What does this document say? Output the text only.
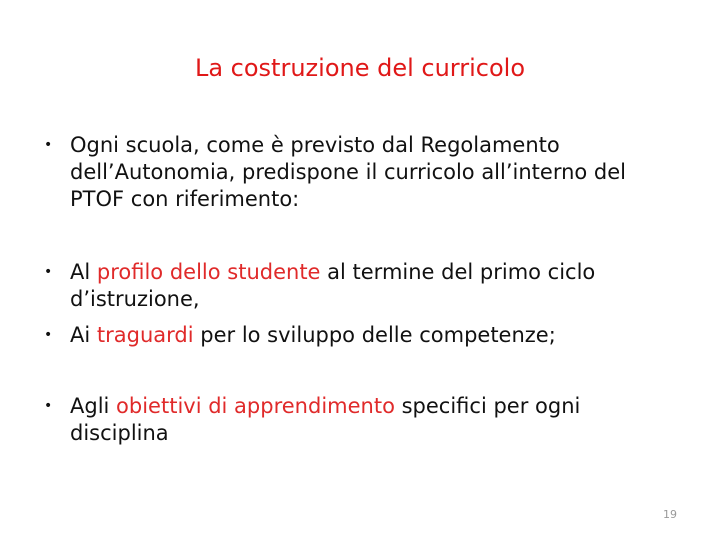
La costruzione del curricolo
• Ogni scuola, come è previsto dal Regolamento dell’Autonomia, predispone il curricolo all’interno del PTOF con riferimento:
• Al profilo dello studente al termine del primo ciclo d’istruzione,
• Ai traguardi per lo sviluppo delle competenze;
• Agli obiettivi di apprendimento specifici per ogni disciplina
19
